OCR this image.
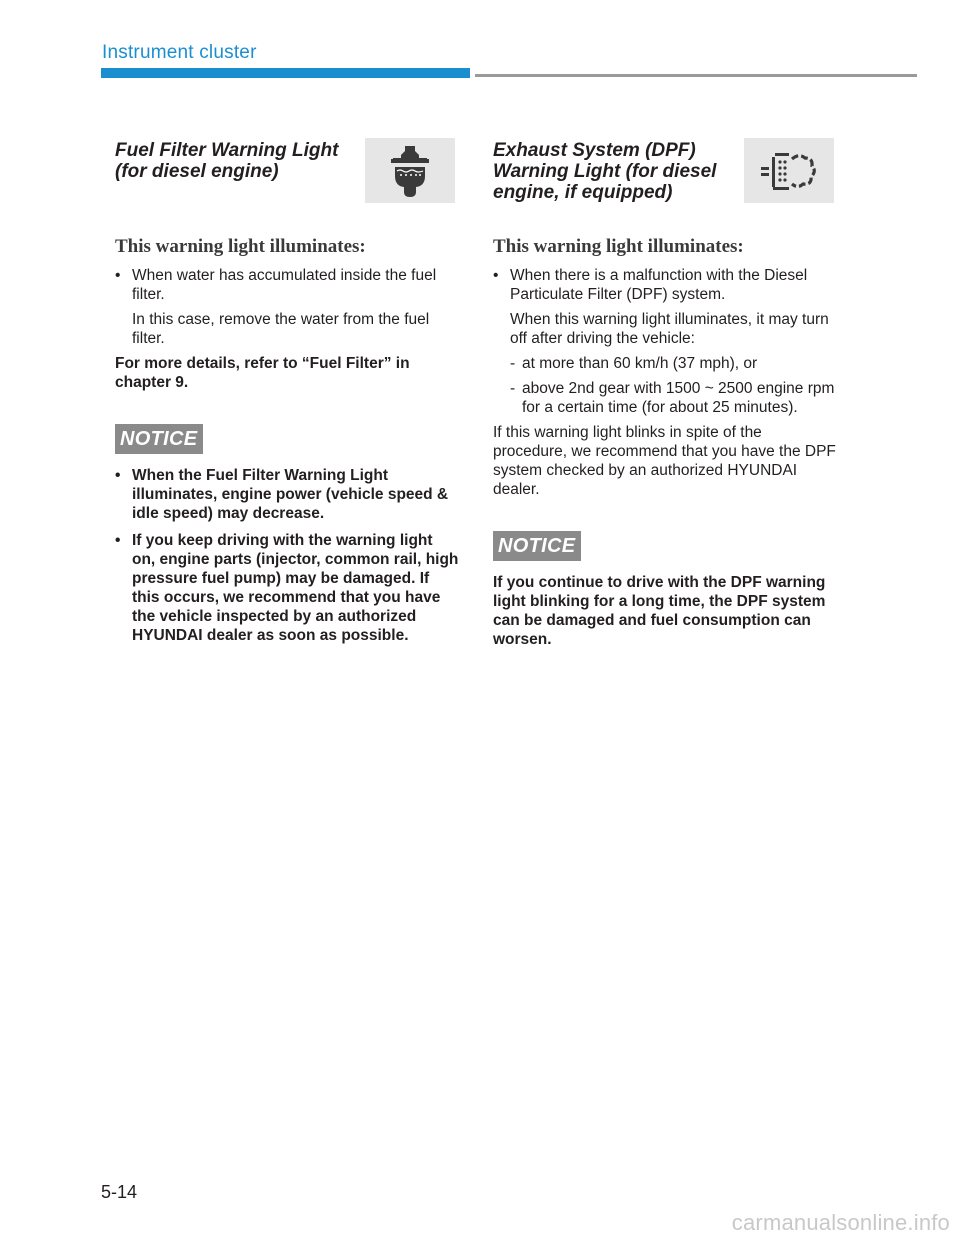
Instrument cluster
Fuel Filter Warning Light (for diesel engine)
This warning light illuminates:
• When water has accumulated inside the fuel filter.
In this case, remove the water from the fuel filter.
For more details, refer to “Fuel Filter” in chapter 9.
NOTICE
• When the Fuel Filter Warning Light illuminates, engine power (vehicle speed & idle speed) may decrease.
• If you keep driving with the warning light on, engine parts (injector, common rail, high pressure fuel pump) may be damaged. If this occurs, we recommend that you have the vehicle inspected by an authorized HYUNDAI dealer as soon as possible.
Exhaust System (DPF) Warning Light (for diesel engine, if equipped)
This warning light illuminates:
• When there is a malfunction with the Diesel Particulate Filter (DPF) system.
When this warning light illuminates, it may turn off after driving the vehicle:
- at more than 60 km/h (37 mph), or
- above 2nd gear with 1500 ~ 2500 engine rpm for a certain time (for about 25 minutes).
If this warning light blinks in spite of the procedure, we recommend that you have the DPF system checked by an authorized HYUNDAI dealer.
NOTICE
If you continue to drive with the DPF warning light blinking for a long time, the DPF system can be damaged and fuel consumption can worsen.
5-14
carmanualsonline.info
